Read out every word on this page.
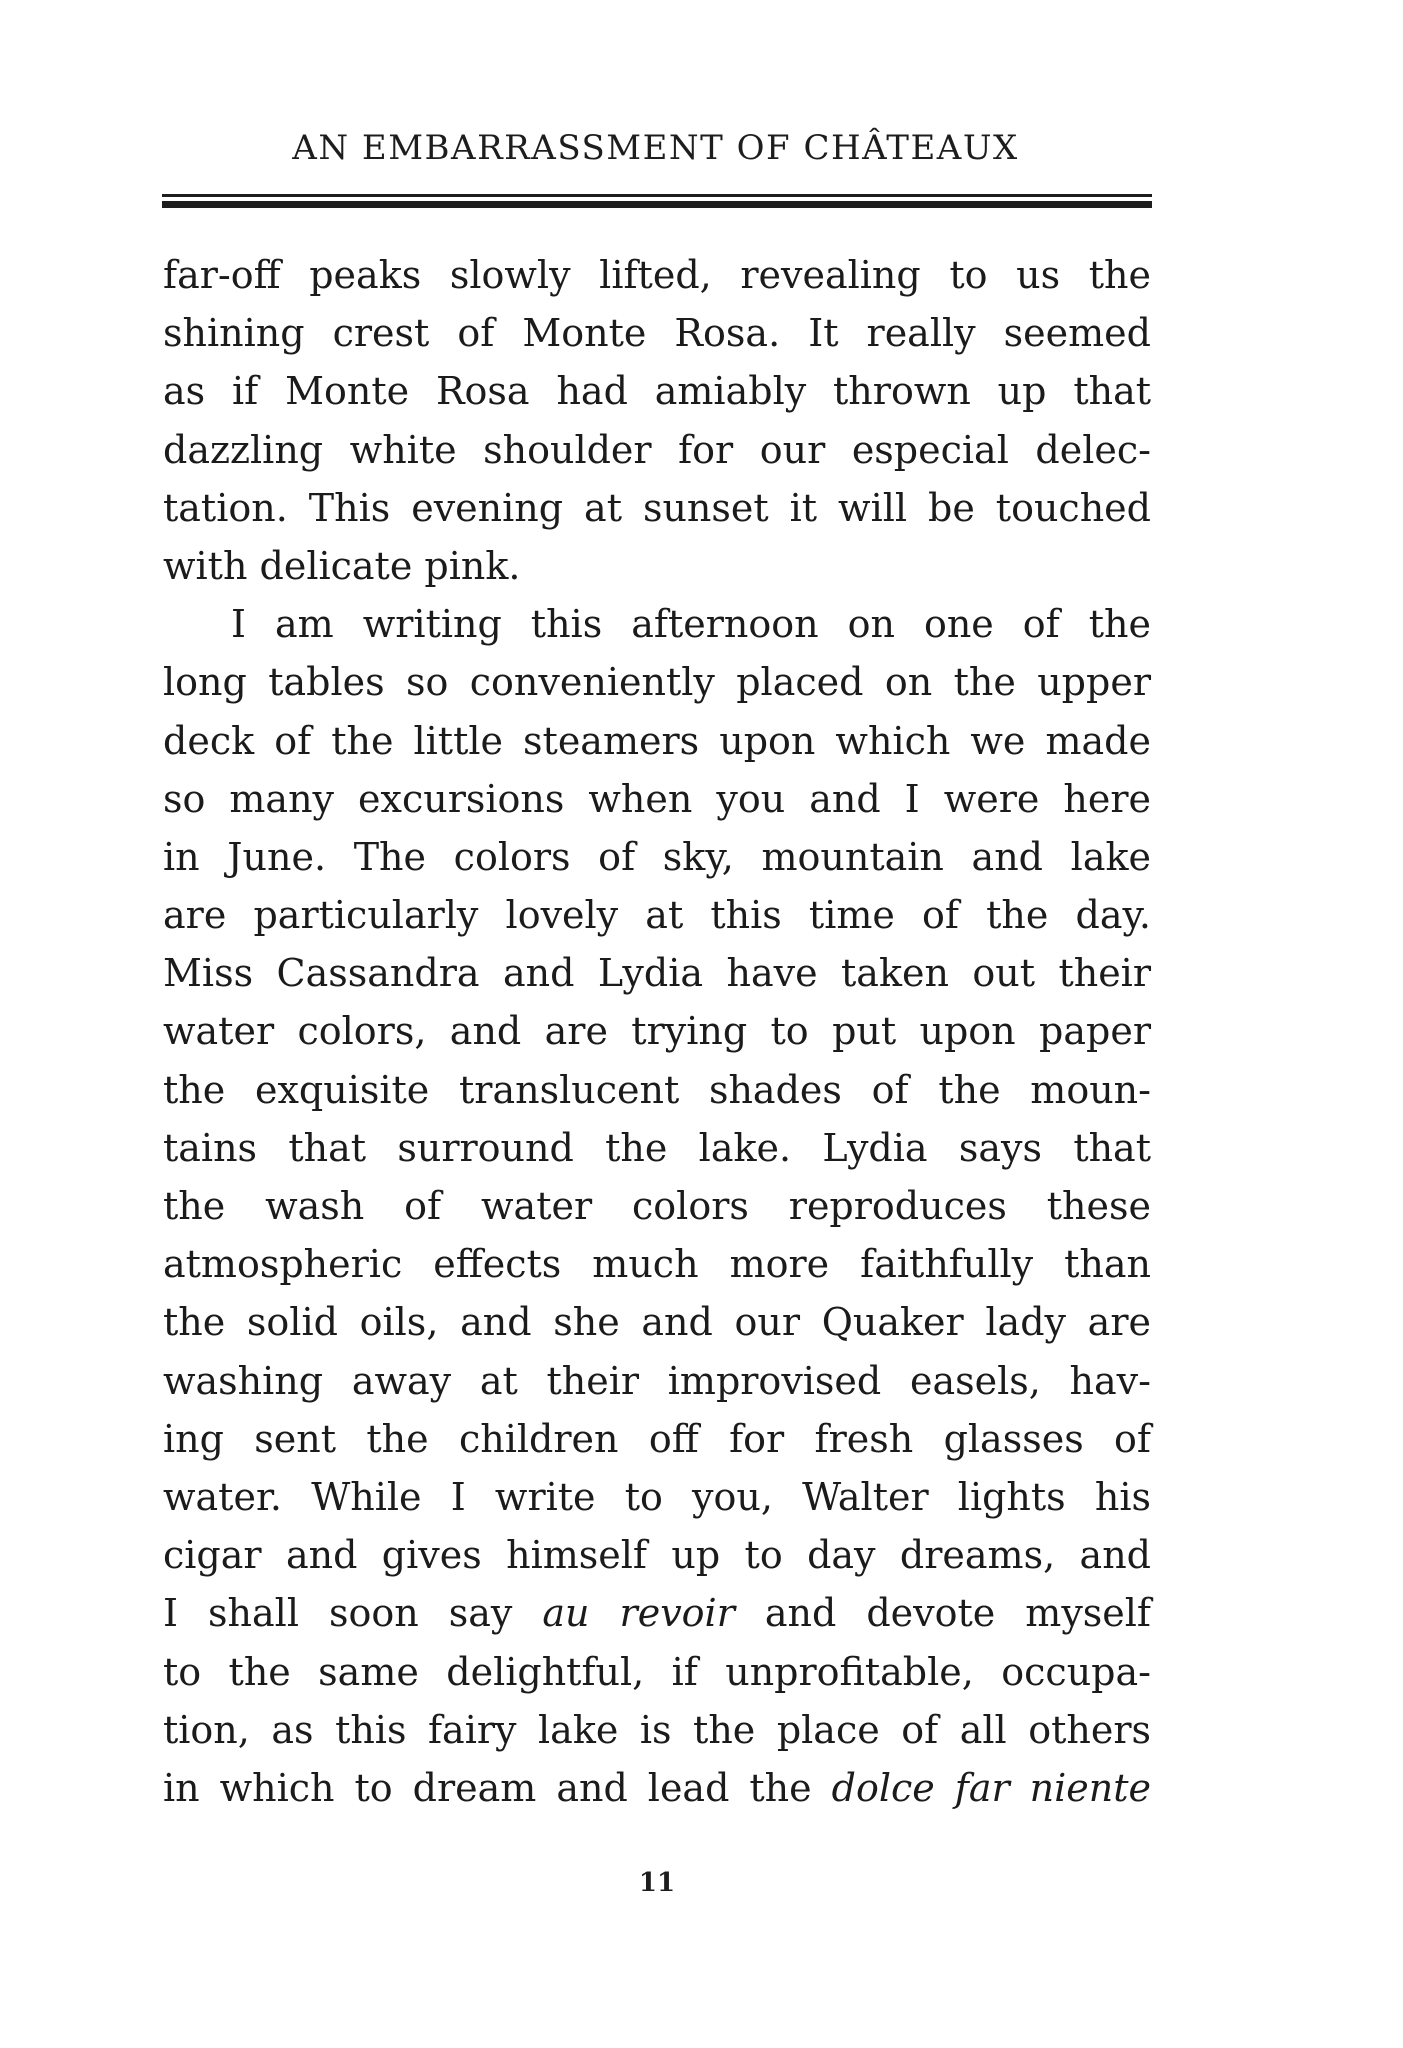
AN EMBARRASSMENT OF CHÂTEAUX
far-off peaks slowly lifted, revealing to us the
shining crest of Monte Rosa. It really seemed
as if Monte Rosa had amiably thrown up that
dazzling white shoulder for our especial delec-
tation. This evening at sunset it will be touched
with delicate pink.
I am writing this afternoon on one of the
long tables so conveniently placed on the upper
deck of the little steamers upon which we made
so many excursions when you and I were here
in June. The colors of sky, mountain and lake
are particularly lovely at this time of the day.
Miss Cassandra and Lydia have taken out their
water colors, and are trying to put upon paper
the exquisite translucent shades of the moun-
tains that surround the lake. Lydia says that
the wash of water colors reproduces these
atmospheric effects much more faithfully than
the solid oils, and she and our Quaker lady are
washing away at their improvised easels, hav-
ing sent the children off for fresh glasses of
water. While I write to you, Walter lights his
cigar and gives himself up to day dreams, and
I shall soon say au revoir and devote myself
to the same delightful, if unprofitable, occupa-
tion, as this fairy lake is the place of all others
in which to dream and lead the dolce far niente
11
